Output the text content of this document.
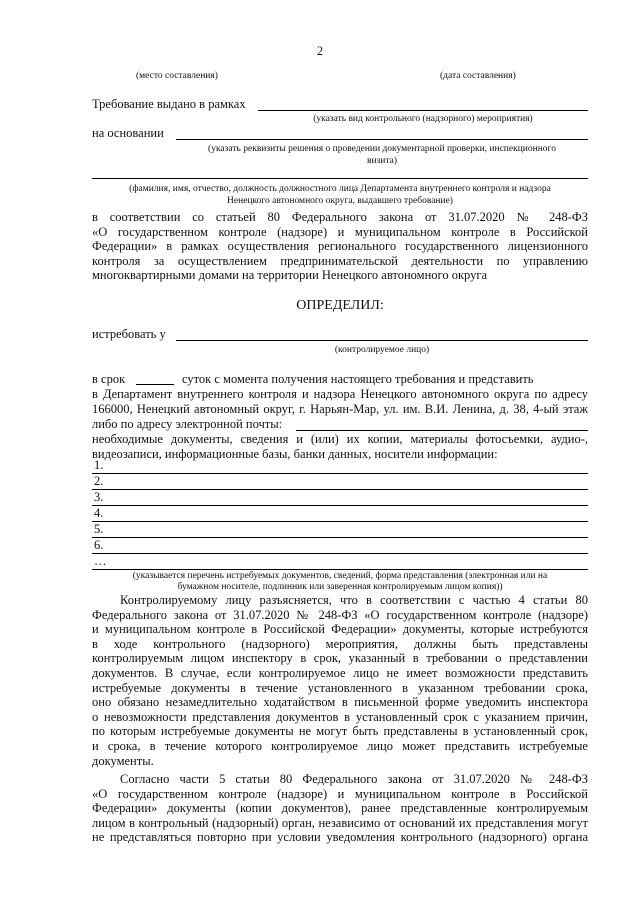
2
(место составления)	(дата составления)
Требование выдано в рамках
(указать вид контрольного (надзорного) мероприятия)
на основании
(указать реквизиты решения о проведении документарной проверки, инспекционного
визита)
(фамилия, имя, отчество, должность должностного лица Департамента внутреннего контроля и надзора
Ненецкого автономного округа, выдавшего требование)
в соответствии со статьей 80 Федерального закона от 31.07.2020 № 248-ФЗ
«О государственном контроле (надзоре) и муниципальном контроле в Российской
Федерации» в рамках осуществления регионального государственного лицензионного
контроля за осуществлением предпринимательской деятельности по управлению
многоквартирными домами на территории Ненецкого автономного округа
ОПРЕДЕЛИЛ:
истребовать у
(контролируемое лицо)
в срок	суток с момента получения настоящего требования и представить
в Департамент внутреннего контроля и надзора Ненецкого автономного округа по адресу
166000, Ненецкий автономный округ, г. Нарьян-Мар, ул. им. В.И. Ленина, д. 38, 4-ый этаж
либо по адресу электронной почты:
необходимые документы, сведения и (или) их копии, материалы фотосъемки, аудио-,
видеозаписи, информационные базы, банки данных, носители информации:
1.
2.
3.
4.
5.
6.
…
(указывается перечень истребуемых документов, сведений, форма представления (электронная или на
бумажном носителе, подлинник или заверенная контролируемым лицом копия))
Контролируемому лицу разъясняется, что в соответствии с частью 4 статьи 80
Федерального закона от 31.07.2020 № 248-ФЗ «О государственном контроле (надзоре)
и муниципальном контроле в Российской Федерации» документы, которые истребуются
в ходе контрольного (надзорного) мероприятия, должны быть представлены
контролируемым лицом инспектору в срок, указанный в требовании о представлении
документов. В случае, если контролируемое лицо не имеет возможности представить
истребуемые документы в течение установленного в указанном требовании срока,
оно обязано незамедлительно ходатайством в письменной форме уведомить инспектора
о невозможности представления документов в установленный срок с указанием причин,
по которым истребуемые документы не могут быть представлены в установленный срок,
и срока, в течение которого контролируемое лицо может представить истребуемые
документы.
Согласно части 5 статьи 80 Федерального закона от 31.07.2020 № 248-ФЗ
«О государственном контроле (надзоре) и муниципальном контроле в Российской
Федерации» документы (копии документов), ранее представленные контролируемым
лицом в контрольный (надзорный) орган, независимо от оснований их представления могут
не представляться повторно при условии уведомления контрольного (надзорного) органа
